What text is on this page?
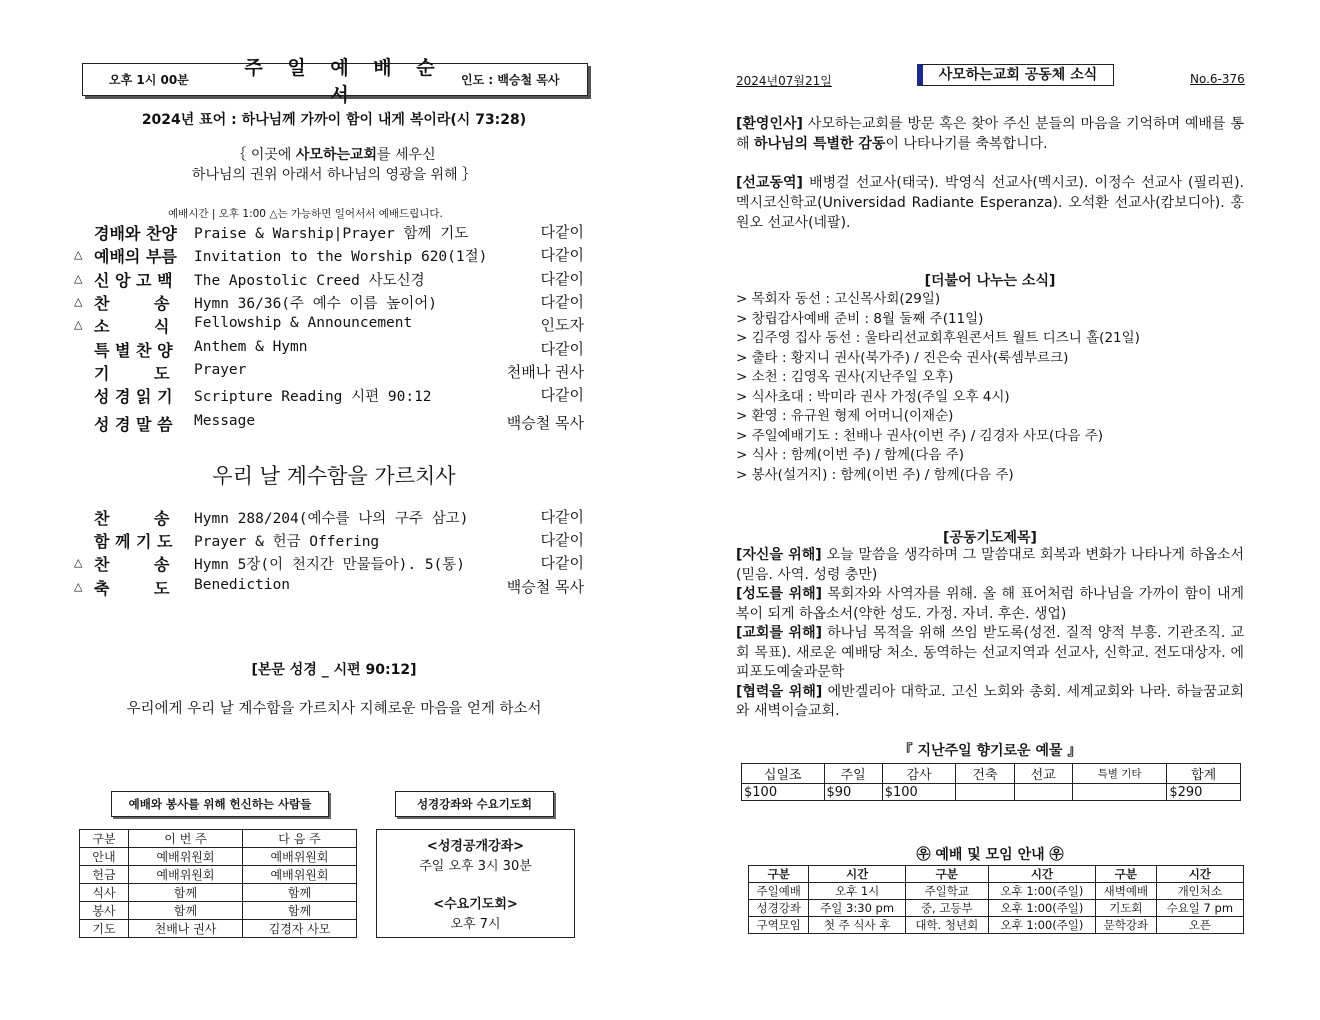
오후 1시 00분
주 일 예 배 순 서
인도 : 백승철 목사
2024년 표어 : 하나님께 가까이 함이 내게 복이라(시 73:28)
｛ 이곳에 사모하는교회를 세우신
하나님의 권위 아래서 하나님의 영광을 위해 ｝
예배시간 | 오후 1:00 △는 가능하면 일어서서 예배드립니다.
경배와 찬양	Praise & Warship|Prayer 함께 기도	다같이
△ 예배의 부름	Invitation to the Worship 620(1절)	다같이
△ 신 앙 고 백	The Apostolic Creed 사도신경	다같이
△ 찬        송	Hymn 36/36(주 예수 이름 높이어)	다같이
△ 소        식	Fellowship & Announcement	인도자
특 별 찬 양	Anthem & Hymn	다같이
기        도	Prayer	천배나 권사
성 경 읽 기	Scripture Reading 시편 90:12	다같이
성 경 말 씀	Message	백승철 목사
우리 날 계수함을 가르치사
찬        송	Hymn 288/204(예수를 나의 구주 삼고)	다같이
함 께 기 도	Prayer & 헌금 Offering	다같이
△ 찬        송	Hymn 5장(이 천지간 만물들아). 5(통)	다같이
△ 축        도	Benediction	백승철 목사
[본문 성경 _ 시편 90:12]
우리에게 우리 날 계수함을 가르치사 지혜로운 마음을 얻게 하소서
예배와 봉사를 위해 헌신하는 사람들	성경강좌와 수요기도회
구분	이 번 주	다 음 주
안내	예배위원회	예배위원회
헌금	예배위원회	예배위원회
식사	함께	함께
봉사	함께	함께
기도	천배나 권사	김경자 사모
<성경공개강좌>
주일 오후 3시 30분
<수요기도회>
오후 7시
2024년07월21일	사모하는교회 공동체 소식	No.6-376
[환영인사] 사모하는교회를 방문 혹은 찾아 주신 분들의 마음을 기억하며 예배를 통해 하나님의 특별한 감동이 나타나기를 축복합니다.
[선교동역] 배병걸 선교사(태국). 박영식 선교사(멕시코). 이정수 선교사 (필리핀). 멕시코신학교(Universidad Radiante Esperanza). 오석환 선교사(캄보디아). 홍원오 선교사(네팔).
[더불어 나누는 소식]
> 목회자 동선 : 고신목사회(29일)
> 창립감사예배 준비 : 8월 둘째 주(11일)
> 김주영 집사 동선 : 울타리선교회후원콘서트 월트 디즈니 홀(21일)
> 출타 : 황지니 권사(북가주) / 진은숙 권사(룩셈부르크)
> 소천 : 김영옥 권사(지난주일 오후)
> 식사초대 : 박미라 권사 가정(주일 오후 4시)
> 환영 : 유규원 형제 어머니(이재순)
> 주일예배기도 : 천배나 권사(이번 주) / 김경자 사모(다음 주)
> 식사 : 함께(이번 주) / 함께(다음 주)
> 봉사(설거지) : 함께(이번 주) / 함께(다음 주)
[공동기도제목]
[자신을 위해] 오늘 말씀을 생각하며 그 말씀대로 회복과 변화가 나타나게 하옵소서(믿음. 사역. 성령 충만)
[성도를 위해] 목회자와 사역자를 위해. 올 해 표어처럼 하나님을 가까이 함이 내게 복이 되게 하옵소서(약한 성도. 가정. 자녀. 후손. 생업)
[교회를 위해] 하나님 목적을 위해 쓰임 받도록(성전. 질적 양적 부흥. 기관조직. 교회 목표). 새로운 예배당 처소. 동역하는 선교지역과 선교사, 신학교. 전도대상자. 에피포도예술과문학
[협력을 위해] 에반겔리아 대학교. 고신 노회와 총회. 세계교회와 나라. 하늘꿈교회와 새벽이슬교회.
『 지난주일 향기로운 예물 』
십일조	주일	감사	건축	선교	특별 기타	합계
$100	$90	$100				$290
㉾ 예배 및 모임 안내 ㉾
구분	시간	구분	시간	구분	시간
주일예배	오후 1시	주일학교	오후 1:00(주일)	새벽예배	개인처소
성경강좌	주일 3:30 pm	중, 고등부	오후 1:00(주일)	기도회	수요일 7 pm
구역모임	첫 주 식사 후	대학. 청년회	오후 1:00(주일)	문학강좌	오픈
